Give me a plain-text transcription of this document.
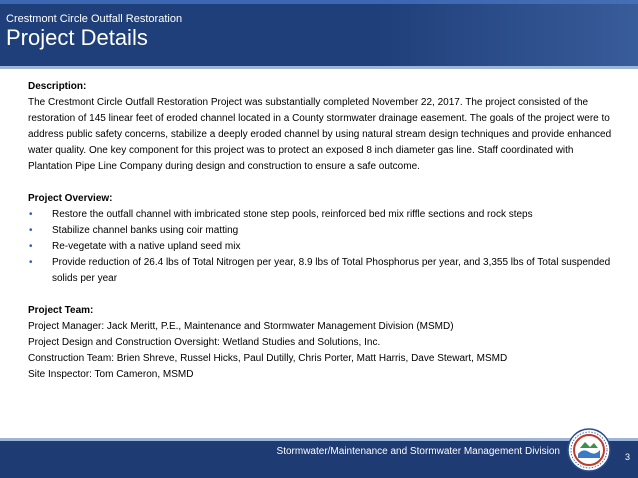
Crestmont Circle Outfall Restoration
Project Details

Description:

The Crestmont Circle Outfall Restoration Project was substantially completed November 22, 2017. The project consisted of the restoration of 145 linear feet of eroded channel located in a County stormwater drainage easement. The goals of the project were to address public safety concerns, stabilize a deeply eroded channel by using natural stream design techniques and provide enhanced water quality. One key component for this project was to protect an exposed 8 inch diameter gas line. Staff coordinated with Plantation Pipe Line Company during design and construction to ensure a safe outcome.

Project Overview:

• Restore the outfall channel with imbricated stone step pools, reinforced bed mix riffle sections and rock steps
• Stabilize channel banks using coir matting
• Re-vegetate with a native upland seed mix
• Provide reduction of 26.4 lbs of Total Nitrogen per year, 8.9 lbs of Total Phosphorus per year, and 3,355 lbs of Total suspended solids per year

Project Team:

Project Manager: Jack Meritt, P.E., Maintenance and Stormwater Management Division (MSMD)

Project Design and Construction Oversight: Wetland Studies and Solutions, Inc.

Construction Team: Brien Shreve, Russel Hicks, Paul Dutilly, Chris Porter, Matt Harris, Dave Stewart, MSMD

Site Inspector: Tom Cameron, MSMD

Stormwater/Maintenance and Stormwater Management Division	3
